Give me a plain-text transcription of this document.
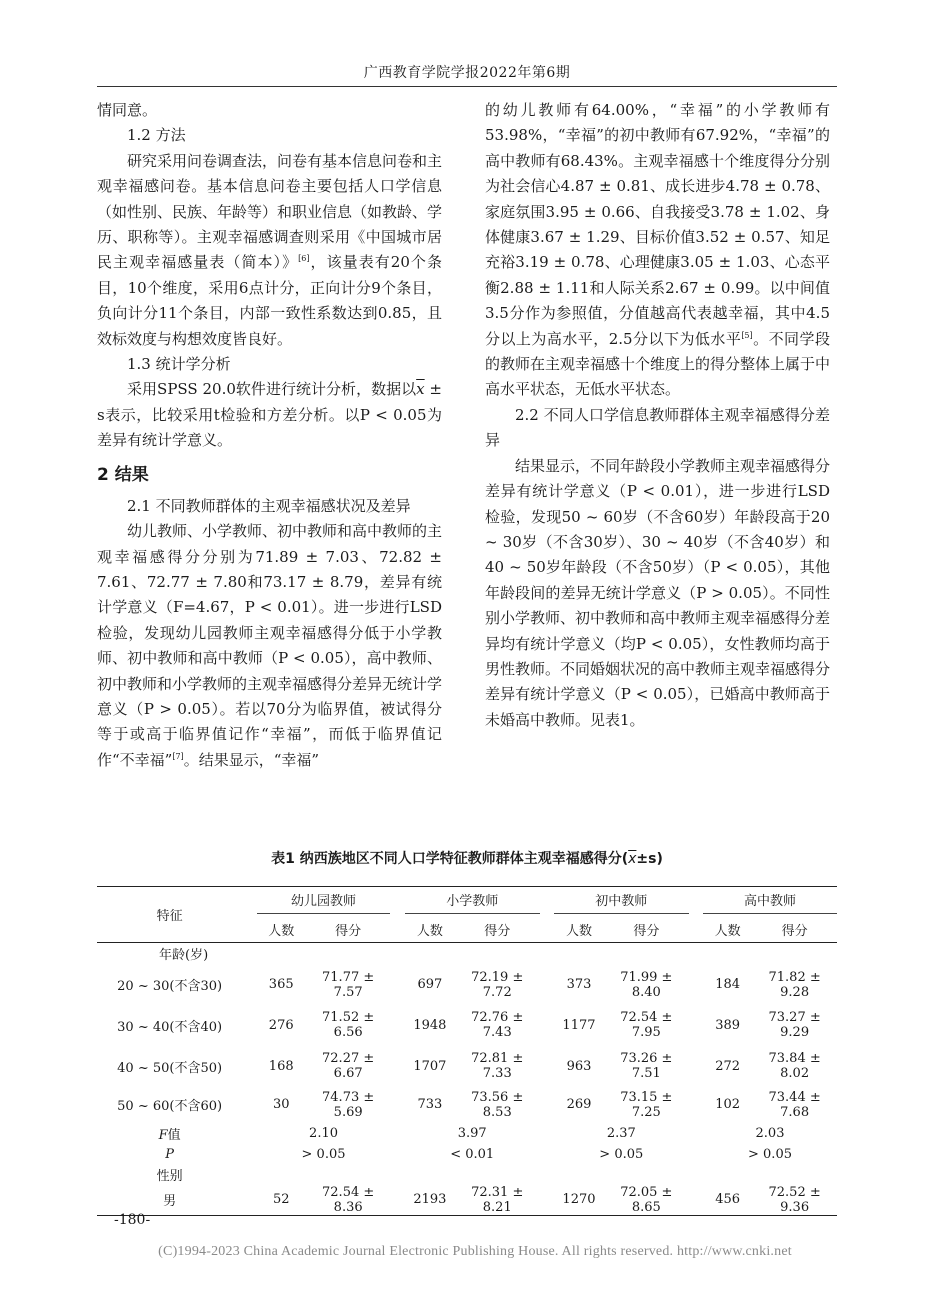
广西教育学院学报2022年第6期

情同意。

1.2 方法

研究采用问卷调查法，问卷有基本信息问卷和主观幸福感问卷。基本信息问卷主要包括人口学信息（如性别、民族、年龄等）和职业信息（如教龄、学历、职称等）。主观幸福感调查则采用《中国城市居民主观幸福感量表（简本）》[6]，该量表有20个条目，10个维度，采用6点计分，正向计分9个条目，负向计分11个条目，内部一致性系数达到0.85，且效标效度与构想效度皆良好。

1.3 统计学分析

采用SPSS 20.0软件进行统计分析，数据以$\overline{x} \pm s$表示，比较采用t检验和方差分析。以P < 0.05为差异有统计学意义。

2 结果

2.1 不同教师群体的主观幸福感状况及差异

幼儿教师、小学教师、初中教师和高中教师的主观幸福感得分分别为71.89 ± 7.03、72.82 ± 7.61、72.77 ± 7.80和73.17 ± 8.79，差异有统计学意义（F=4.67，P < 0.01）。进一步进行LSD检验，发现幼儿园教师主观幸福感得分低于小学教师、初中教师和高中教师（P < 0.05），高中教师、初中教师和小学教师的主观幸福感得分差异无统计学意义（P > 0.05）。若以70分为临界值，被试得分等于或高于临界值记作“幸福”，而低于临界值记作“不幸福”[7]。结果显示，“幸福”

的幼儿教师有64.00%，“幸福”的小学教师有53.98%，“幸福”的初中教师有67.92%，“幸福”的高中教师有68.43%。主观幸福感十个维度得分分别为社会信心4.87 ± 0.81、成长进步4.78 ± 0.78、家庭氛围3.95 ± 0.66、自我接受3.78 ± 1.02、身体健康3.67 ± 1.29、目标价值3.52 ± 0.57、知足充裕3.19 ± 0.78、心理健康3.05 ± 1.03、心态平衡2.88 ± 1.11和人际关系2.67 ± 0.99。以中间值3.5分作为参照值，分值越高代表越幸福，其中4.5分以上为高水平，2.5分以下为低水平[5]。不同学段的教师在主观幸福感十个维度上的得分整体上属于中高水平状态，无低水平状态。

2.2 不同人口学信息教师群体主观幸福感得分差异

结果显示，不同年龄段小学教师主观幸福感得分差异有统计学意义（P < 0.01），进一步进行LSD检验，发现50 ~ 60岁（不含60岁）年龄段高于20 ~ 30岁（不含30岁）、30 ~ 40岁（不含40岁）和40 ~ 50岁年龄段（不含50岁）（P < 0.05），其他年龄段间的差异无统计学意义（P > 0.05）。不同性别小学教师、初中教师和高中教师主观幸福感得分差异均有统计学意义（均P < 0.05），女性教师均高于男性教师。不同婚姻状况的高中教师主观幸福感得分差异有统计学意义（P < 0.05），已婚高中教师高于未婚高中教师。见表1。

表1 纳西族地区不同人口学特征教师群体主观幸福感得分$(\overline{x}\pm s)$
特征		幼儿园教师			小学教师			初中教师			高中教师	

		人数	得分		人数	得分		人数	得分		人数	得分
年龄(岁)												
20 ~ 30(不含30)		365	71.77 ± 7.57		697	72.19 ± 7.72		373	71.99 ± 8.40		184	71.82 ± 9.28
30 ~ 40(不含40)		276	71.52 ± 6.56		1948	72.76 ± 7.43		1177	72.54 ± 7.95		389	73.27 ± 9.29
40 ~ 50(不含50)		168	72.27 ± 6.67		1707	72.81 ± 7.33		963	73.26 ± 7.51		272	73.84 ± 8.02
50 ~ 60(不含60)		30	74.73 ± 5.69		733	73.56 ± 8.53		269	73.15 ± 7.25		102	73.44 ± 7.68
F值		2.10			3.97			2.37			2.03	
P		> 0.05			< 0.01			> 0.05			> 0.05	
性别												
男		52	72.54 ± 8.36		2193	72.31 ± 8.21		1270	72.05 ± 8.65		456	72.52 ± 9.36
-180-
(C)1994-2023 China Academic Journal Electronic Publishing House. All rights reserved. http://www.cnki.net
